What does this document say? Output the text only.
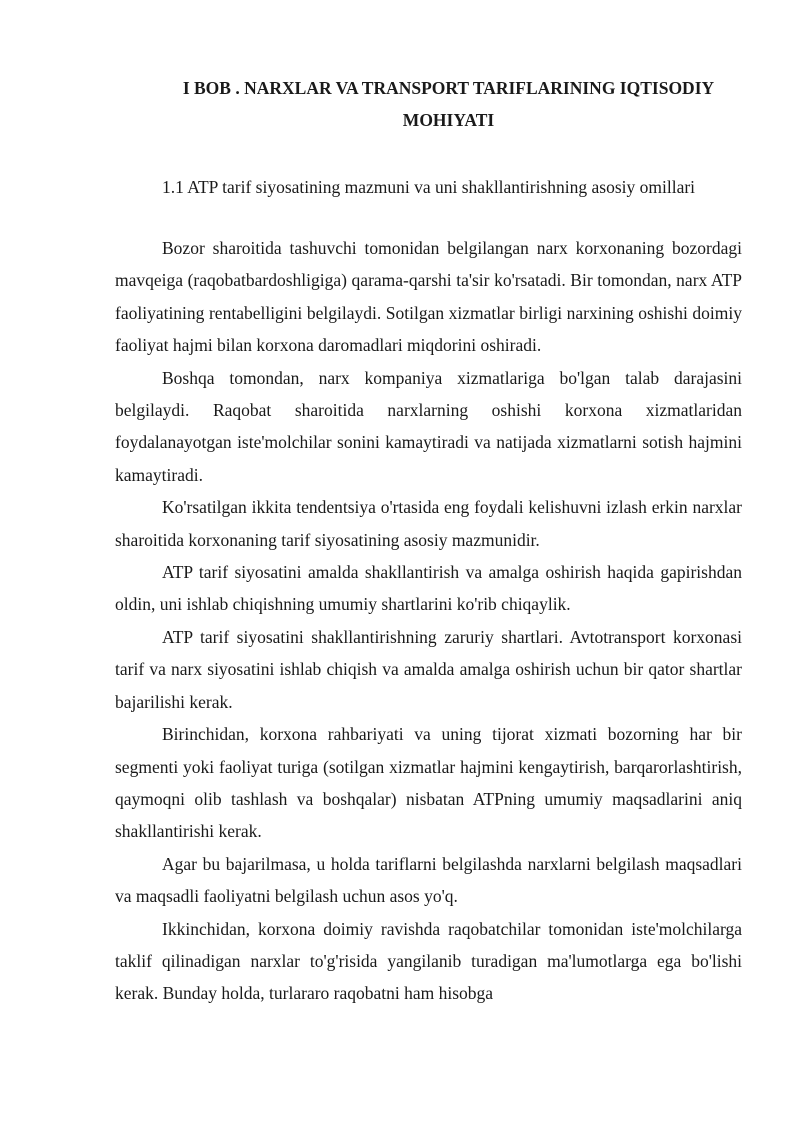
I BOB . NARXLAR VA TRANSPORT TARIFLARINING IQTISODIY MOHIYATI

1.1 ATP tarif siyosatining mazmuni va uni shakllantirishning asosiy omillari

Bozor sharoitida tashuvchi tomonidan belgilangan narx korxonaning bozordagi mavqeiga (raqobatbardoshligiga) qarama-qarshi ta'sir ko'rsatadi. Bir tomondan, narx ATP faoliyatining rentabelligini belgilaydi. Sotilgan xizmatlar birligi narxining oshishi doimiy faoliyat hajmi bilan korxona daromadlari miqdorini oshiradi.

Boshqa tomondan, narx kompaniya xizmatlariga bo'lgan talab darajasini belgilaydi. Raqobat sharoitida narxlarning oshishi korxona xizmatlaridan foydalanayotgan iste'molchilar sonini kamaytiradi va natijada xizmatlarni sotish hajmini kamaytiradi.

Ko'rsatilgan ikkita tendentsiya o'rtasida eng foydali kelishuvni izlash erkin narxlar sharoitida korxonaning tarif siyosatining asosiy mazmunidir.

ATP tarif siyosatini amalda shakllantirish va amalga oshirish haqida gapirishdan oldin, uni ishlab chiqishning umumiy shartlarini ko'rib chiqaylik.

ATP tarif siyosatini shakllantirishning zaruriy shartlari. Avtotransport korxonasi tarif va narx siyosatini ishlab chiqish va amalda amalga oshirish uchun bir qator shartlar bajarilishi kerak.

Birinchidan, korxona rahbariyati va uning tijorat xizmati bozorning har bir segmenti yoki faoliyat turiga (sotilgan xizmatlar hajmini kengaytirish, barqarorlashtirish, qaymoqni olib tashlash va boshqalar) nisbatan ATPning umumiy maqsadlarini aniq shakllantirishi kerak.

Agar bu bajarilmasa, u holda tariflarni belgilashda narxlarni belgilash maqsadlari va maqsadli faoliyatni belgilash uchun asos yo'q.

Ikkinchidan, korxona doimiy ravishda raqobatchilar tomonidan iste'molchilarga taklif qilinadigan narxlar to'g'risida yangilanib turadigan ma'lumotlarga ega bo'lishi kerak. Bunday holda, turlararo raqobatni ham hisobga
